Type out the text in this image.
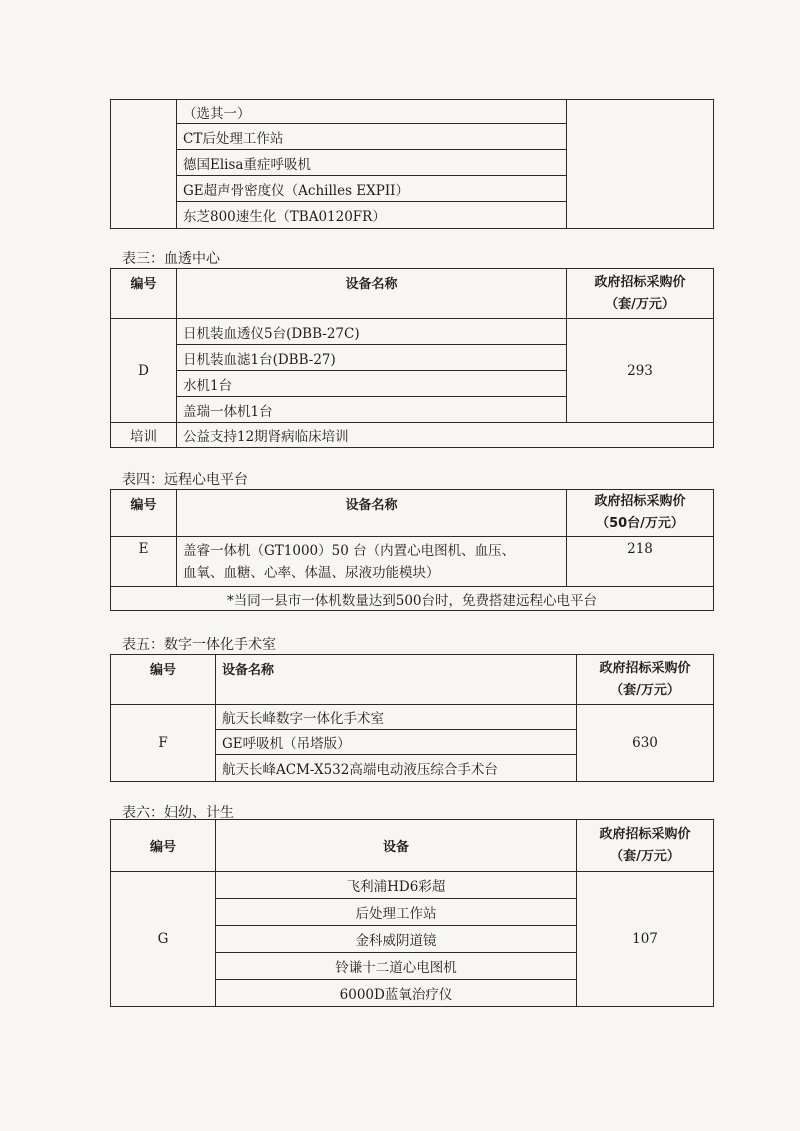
	（选其一）	
CT后处理工作站
德国Elisa重症呼吸机
GE超声骨密度仪（Achilles EXPII）
东芝800速生化（TBA0120FR）
表三：血透中心
编号	设备名称	政府招标采购价
（套/万元）

D	日机装血透仪5台(DBB-27C)	293
	日机装血滤1台(DBB-27)	
	水机1台	
	盖瑞一体机1台	
培训	公益支持12期肾病临床培训	
表四：远程心电平台
编号	设备名称	政府招标采购价
（50台/万元）

E	盖睿一体机（GT1000）50 台（内置心电图机、血压、
血氧、血糖、心率、体温、尿液功能模块）	218
*当同一县市一体机数量达到500台时，免费搭建远程心电平台		
表五：数字一体化手术室
编号	设备名称	政府招标采购价
（套/万元）

F	航天长峰数字一体化手术室	630
	GE呼吸机（吊塔版）	
	航天长峰ACM-X532高端电动液压综合手术台	
表六：妇幼、计生
编号	设备	政府招标采购价
（套/万元）

G	飞利浦HD6彩超	107
	后处理工作站	
	金科威阴道镜	
	铃谦十二道心电图机	
	6000D蓝氧治疗仪	
